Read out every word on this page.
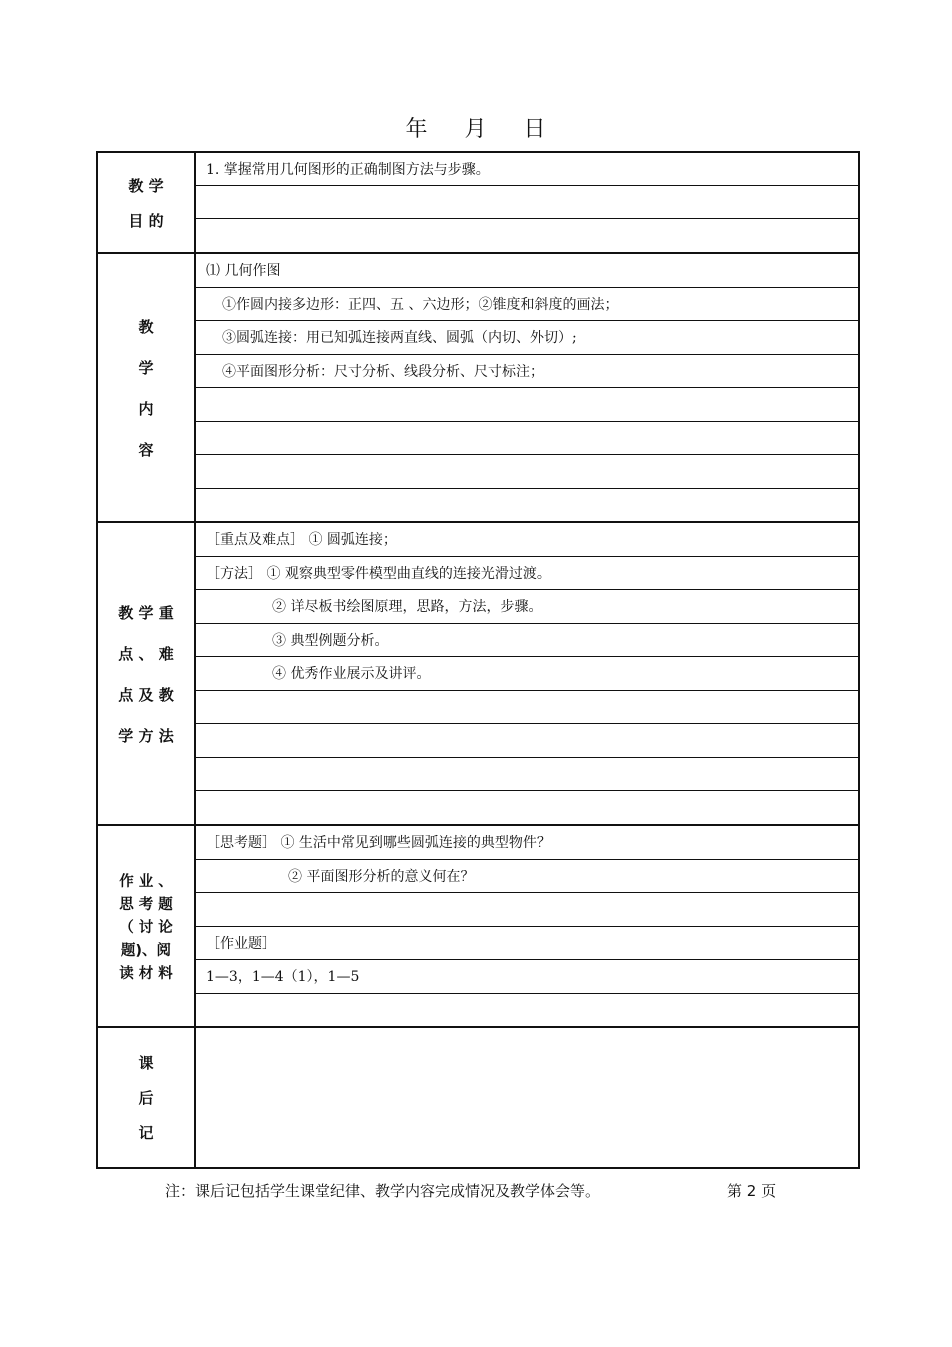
年 月 日
教 学
目 的
1. 掌握常用几何图形的正确制图方法与步骤。
教
学
内
容
⑴ 几何作图
①作圆内接多边形：正四、五 、六边形；②锥度和斜度的画法；
③圆弧连接：用已知弧连接两直线、圆弧（内切、外切）;
④平面图形分析：尺寸分析、线段分析、尺寸标注；
教 学 重
点 、 难
点 及 教
学 方 法
［重点及难点］ ① 圆弧连接；
［方法］ ① 观察典型零件模型曲直线的连接光滑过渡。
② 详尽板书绘图原理，思路，方法，步骤。
③ 典型例题分析。
④ 优秀作业展示及讲评。
作 业 、
思 考 题
（ 讨 论
题)、阅
读 材 料
［思考题］ ① 生活中常见到哪些圆弧连接的典型物件？
② 平面图形分析的意义何在？
［作业题］
1—3，1—4（1），1—5
课
后
记
注：课后记包括学生课堂纪律、教学内容完成情况及教学体会等。	第 2 页
